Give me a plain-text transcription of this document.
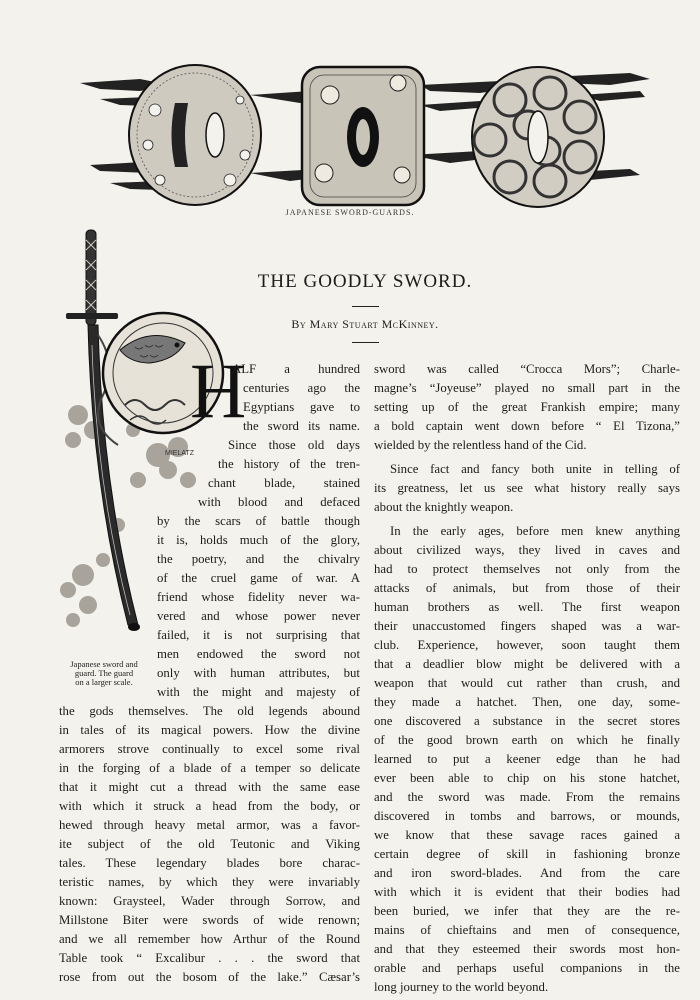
JAPANESE SWORD-GUARDS.
H
MIELATZ
THE GOODLY SWORD.
By Mary Stuart McKinney.
Japanese sword and
guard. The guard
on a larger scale.
ALF a hundred
centuries ago the
Egyptians gave to
the sword its name.
Since those old days
the history of the tren-
chant blade, stained
with blood and defaced
by the scars of battle though
it is, holds much of the glory,
the poetry, and the chivalry
of the cruel game of war. A
friend whose fidelity never wa-
vered and whose power never
failed, it is not surprising that
men endowed the sword not
only with human attributes, but
with the might and majesty of
the gods themselves. The old legends abound
in tales of its magical powers. How the divine
armorers strove continually to excel some rival
in the forging of a blade of a temper so delicate
that it might cut a thread with the same ease
with which it struck a head from the body, or
hewed through heavy metal armor, was a favor-
ite subject of the old Teutonic and Viking
tales. These legendary blades bore charac-
teristic names, by which they were invariably
known: Graysteel, Wader through Sorrow, and
Millstone Biter were swords of wide renown;
and we all remember how Arthur of the Round
Table took “ Excalibur . . . the sword that
rose from out the bosom of the lake.” Cæsar’s
sword was called “Crocca Mors”; Charle-
magne’s “Joyeuse” played no small part in the
setting up of the great Frankish empire; many
a bold captain went down before “ El Tizona,”
wielded by the relentless hand of the Cid.
Since fact and fancy both unite in telling of
its greatness, let us see what history really says
about the knightly weapon.
In the early ages, before men knew anything
about civilized ways, they lived in caves and
had to protect themselves not only from the
attacks of animals, but from those of their
human brothers as well. The first weapon
their unaccustomed fingers shaped was a war-
club. Experience, however, soon taught them
that a deadlier blow might be delivered with a
weapon that would cut rather than crush, and
they made a hatchet. Then, one day, some-
one discovered a substance in the secret stores
of the good brown earth on which he finally
learned to put a keener edge than he had
ever been able to chip on his stone hatchet,
and the sword was made. From the remains
discovered in tombs and barrows, or mounds,
we know that these savage races gained a
certain degree of skill in fashioning bronze
and iron sword-blades. And from the care
with which it is evident that their bodies had
been buried, we infer that they are the re-
mains of chieftains and men of consequence,
and that they esteemed their swords most hon-
orable and perhaps useful companions in the
long journey to the world beyond.
